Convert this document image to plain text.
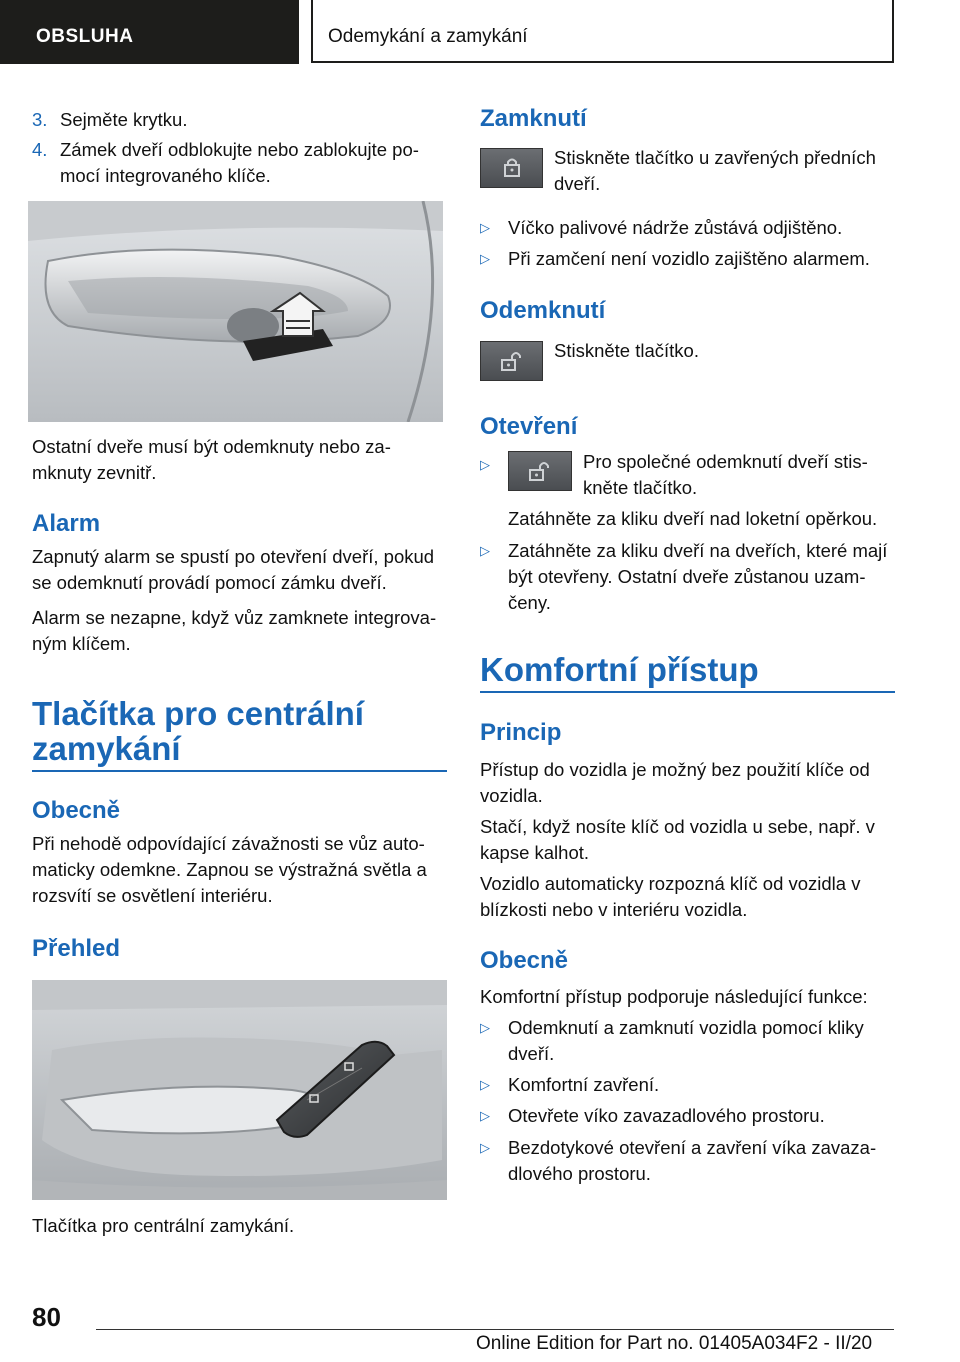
OBSLUHA	Odemykání a zamykání
3. Sejměte krytku.
4. Zámek dveří odblokujte nebo zablokujte po-
mocí integrovaného klíče.
Ostatní dveře musí být odemknuty nebo za-
mknuty zevnitř.
Alarm
Zapnutý alarm se spustí po otevření dveří, pokud
se odemknutí provádí pomocí zámku dveří.
Alarm se nezapne, když vůz zamknete integrova-
ným klíčem.
Tlačítka pro centrální
zamykání
Obecně
Při nehodě odpovídající závažnosti se vůz auto-
maticky odemkne. Zapnou se výstražná světla a
rozsvítí se osvětlení interiéru.
Přehled
Tlačítka pro centrální zamykání.
Zamknutí
Stiskněte tlačítko u zavřených předních
dveří.
▷ Víčko palivové nádrže zůstává odjištěno.
▷ Při zamčení není vozidlo zajištěno alarmem.
Odemknutí
Stiskněte tlačítko.
Otevření
▷	Pro společné odemknutí dveří stis-
kněte tlačítko.
Zatáhněte za kliku dveří nad loketní opěrkou.
▷ Zatáhněte za kliku dveří na dveřích, které mají
být otevřeny. Ostatní dveře zůstanou uzam-
čeny.
Komfortní přístup
Princip
Přístup do vozidla je možný bez použití klíče od
vozidla.
Stačí, když nosíte klíč od vozidla u sebe, např. v
kapse kalhot.
Vozidlo automaticky rozpozná klíč od vozidla v
blízkosti nebo v interiéru vozidla.
Obecně
Komfortní přístup podporuje následující funkce:
▷ Odemknutí a zamknutí vozidla pomocí kliky
dveří.
▷ Komfortní zavření.
▷ Otevřete víko zavazadlového prostoru.
▷ Bezdotykové otevření a zavření víka zavaza-
dlového prostoru.
80
Online Edition for Part no. 01405A034F2 - II/20
